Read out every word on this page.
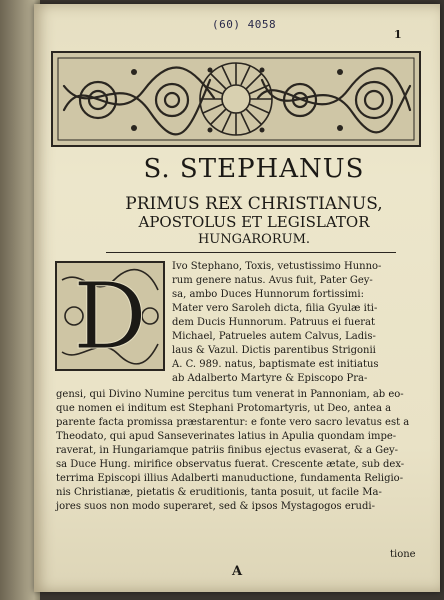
(60) 4058
1
S. STEPHANUS
PRIMUS REX CHRISTIANUS,
APOSTOLUS ET LEGISLATOR
HUNGARORUM.
D	Ivo Stephano, Toxis, vetustissimo Hunno-
rum genere natus. Avus fuit, Pater Gey-
sa, ambo Duces Hunnorum fortissimi:
Mater vero Saroleh dicta, filia Gyulæ iti-
dem Ducis Hunnorum. Patruus ei fuerat
Michael, Patrueles autem Calvus, Ladis-
laus & Vazul. Dictis parentibus Strigonii
A. C. 989. natus, baptismate est initiatus
ab Adalberto Martyre & Episcopo Pra-
gensi, qui Divino Numine percitus tum venerat in Pannoniam, ab eo-
que nomen ei inditum est Stephani Protomartyris, ut Deo, antea a
parente facta promissa præstarentur: e fonte vero sacro levatus est a
Theodato, qui apud Sanseverinates latius in Apulia quondam impe-
raverat, in Hungariamque patriis finibus ejectus evaserat, & a Gey-
sa Duce Hung. mirifice observatus fuerat. Crescente ætate, sub dex-
terrima Episcopi illius Adalberti manuductione, fundamenta Religio-
nis Christianæ, pietatis & eruditionis, tanta posuit, ut facile Ma-
jores suos non modo superaret, sed & ipsos Mystagogos erudi-
tione
A
